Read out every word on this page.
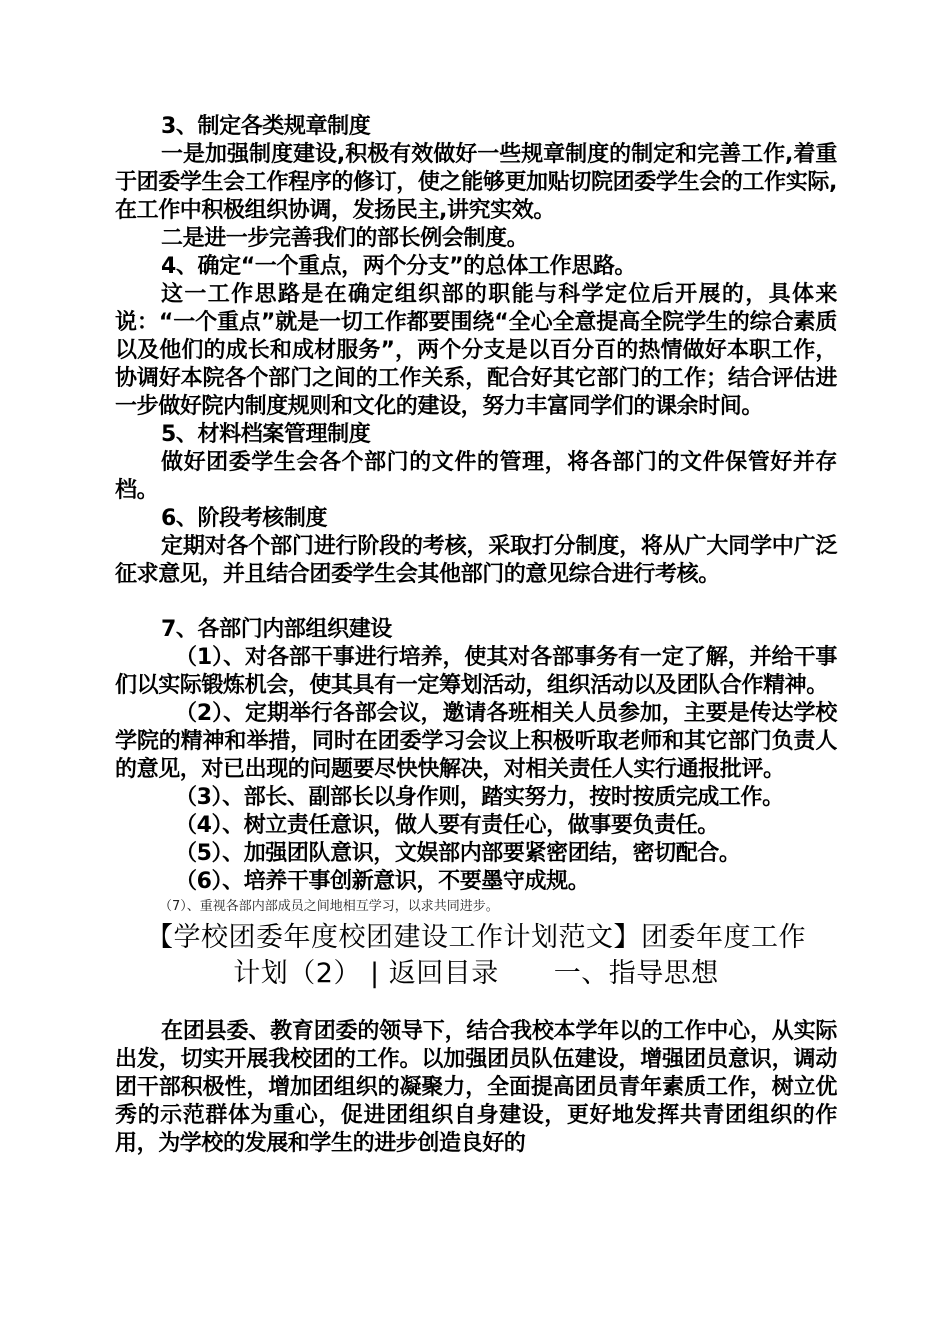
3、制定各类规章制度

一是加强制度建设,积极有效做好一些规章制度的制定和完善工作,着重于团委学生会工作程序的修订，使之能够更加贴切院团委学生会的工作实际,在工作中积极组织协调，发扬民主,讲究实效。

二是进一步完善我们的部长例会制度。

4、确定“一个重点，两个分支”的总体工作思路。

这一工作思路是在确定组织部的职能与科学定位后开展的，具体来说：“一个重点”就是一切工作都要围绕“全心全意提高全院学生的综合素质以及他们的成长和成材服务”，两个分支是以百分百的热情做好本职工作，协调好本院各个部门之间的工作关系，配合好其它部门的工作；结合评估进一步做好院内制度规则和文化的建设，努力丰富同学们的课余时间。

5、材料档案管理制度

做好团委学生会各个部门的文件的管理，将各部门的文件保管好并存档。

6、阶段考核制度

定期对各个部门进行阶段的考核，采取打分制度，将从广大同学中广泛征求意见，并且结合团委学生会其他部门的意见综合进行考核。

7、各部门内部组织建设

（1）、对各部干事进行培养，使其对各部事务有一定了解，并给干事们以实际锻炼机会，使其具有一定筹划活动，组织活动以及团队合作精神。

（2）、定期举行各部会议，邀请各班相关人员参加，主要是传达学校学院的精神和举措，同时在团委学习会议上积极听取老师和其它部门负责人的意见，对已出现的问题要尽快快解决，对相关责任人实行通报批评。

（3）、部长、副部长以身作则，踏实努力，按时按质完成工作。

（4）、树立责任意识，做人要有责任心，做事要负责任。

（5）、加强团队意识，文娱部内部要紧密团结，密切配合。

（6）、培养干事创新意识，不要墨守成规。

（7）、重视各部内部成员之间地相互学习，以求共同进步。

【学校团委年度校团建设工作计划范文】团委年度工作

计划（2） | 返回目录　　一、指导思想

在团县委、教育团委的领导下，结合我校本学年以的工作中心，从实际出发，切实开展我校团的工作。以加强团员队伍建设，增强团员意识，调动团干部积极性，增加团组织的凝聚力，全面提高团员青年素质工作，树立优秀的示范群体为重心，促进团组织自身建设，更好地发挥共青团组织的作用，为学校的发展和学生的进步创造良好的
